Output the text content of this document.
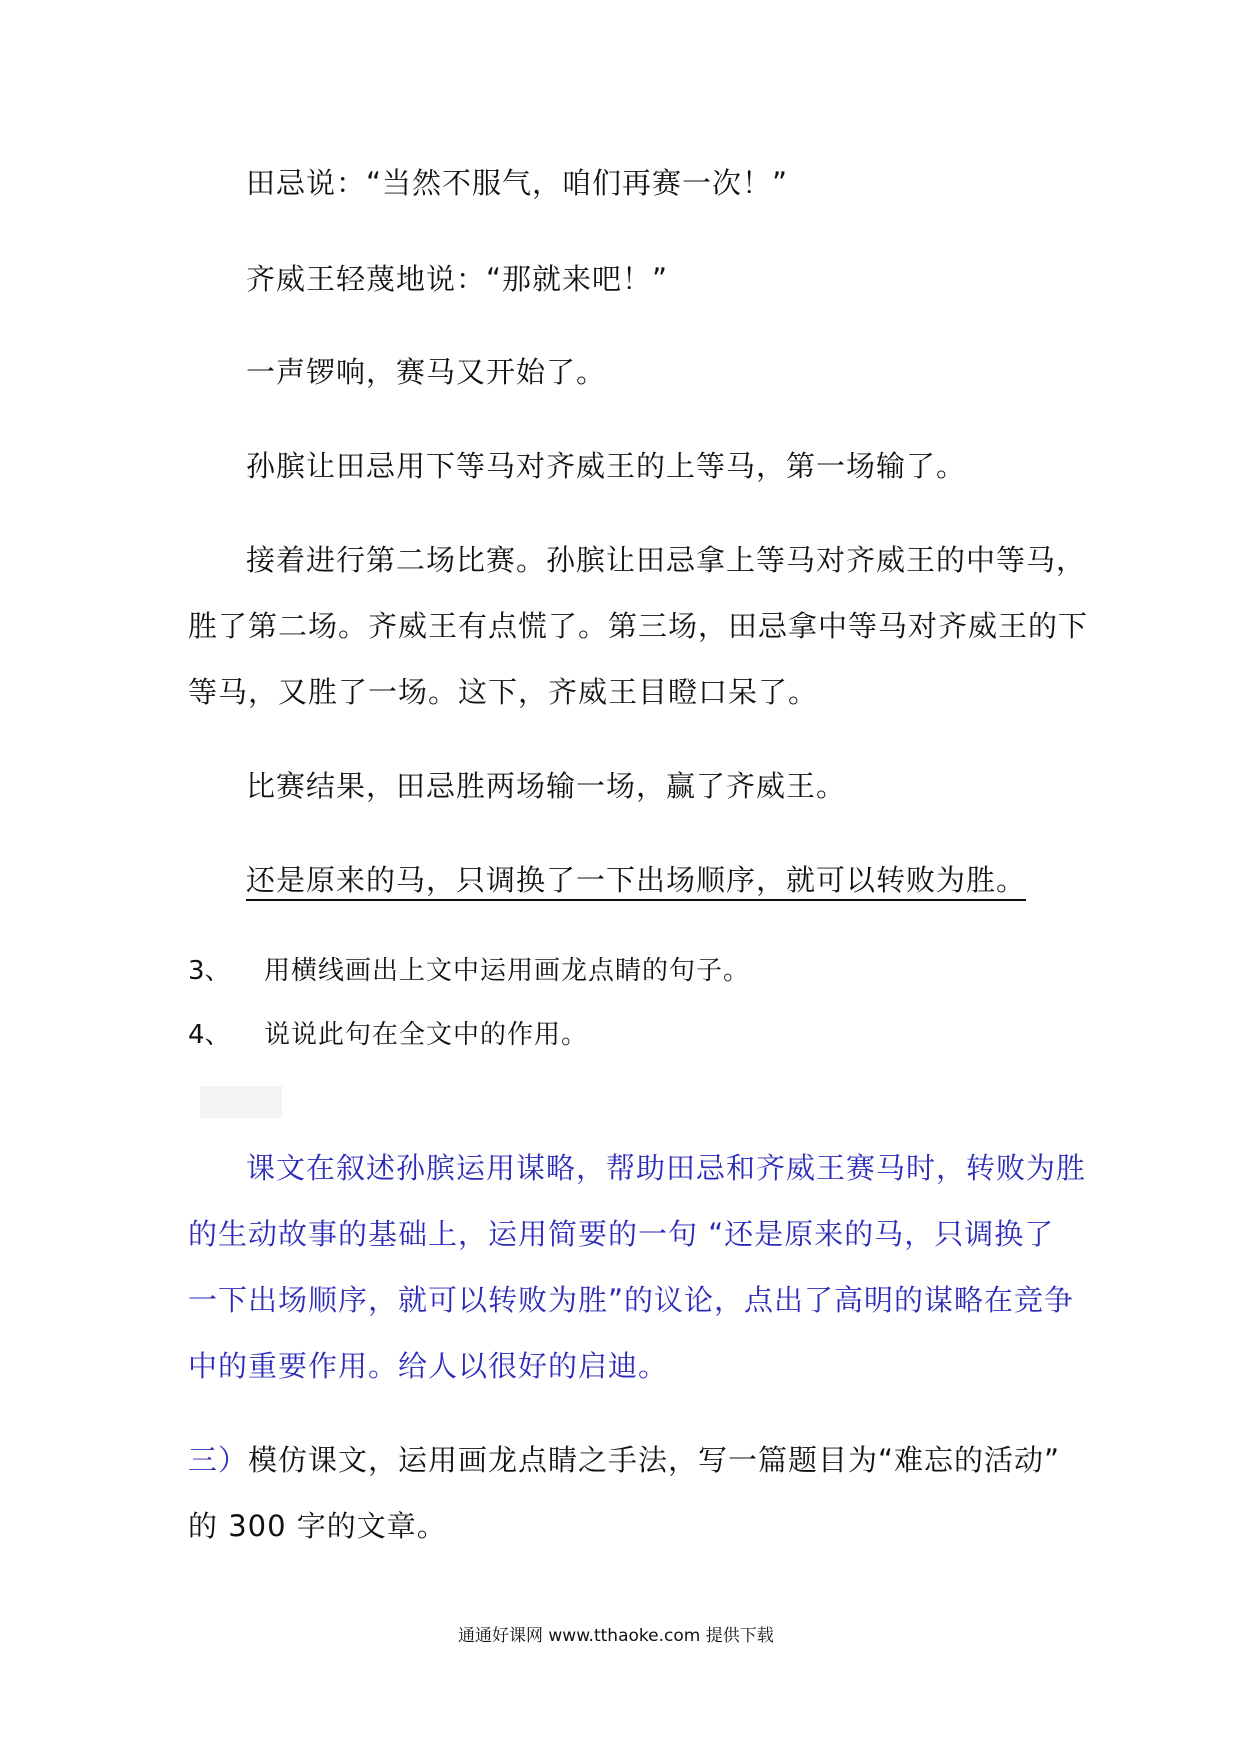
田忌说：“当然不服气，咱们再赛一次！”
齐威王轻蔑地说：“那就来吧！”
一声锣响，赛马又开始了。
孙膑让田忌用下等马对齐威王的上等马，第一场输了。
接着进行第二场比赛。孙膑让田忌拿上等马对齐威王的中等马，
胜了第二场。齐威王有点慌了。第三场，田忌拿中等马对齐威王的下
等马，又胜了一场。这下，齐威王目瞪口呆了。
比赛结果，田忌胜两场输一场，赢了齐威王。
还是原来的马，只调换了一下出场顺序，就可以转败为胜。
3、 用横线画出上文中运用画龙点睛的句子。
4、 说说此句在全文中的作用。
课文在叙述孙膑运用谋略，帮助田忌和齐威王赛马时，转败为胜
的生动故事的基础上，运用简要的一句 “还是原来的马，只调换了
一下出场顺序，就可以转败为胜”的议论，点出了高明的谋略在竞争
中的重要作用。给人以很好的启迪。
三）模仿课文，运用画龙点睛之手法，写一篇题目为“难忘的活动”
的 300 字的文章。
通通好课网 www.tthaoke.com 提供下载
